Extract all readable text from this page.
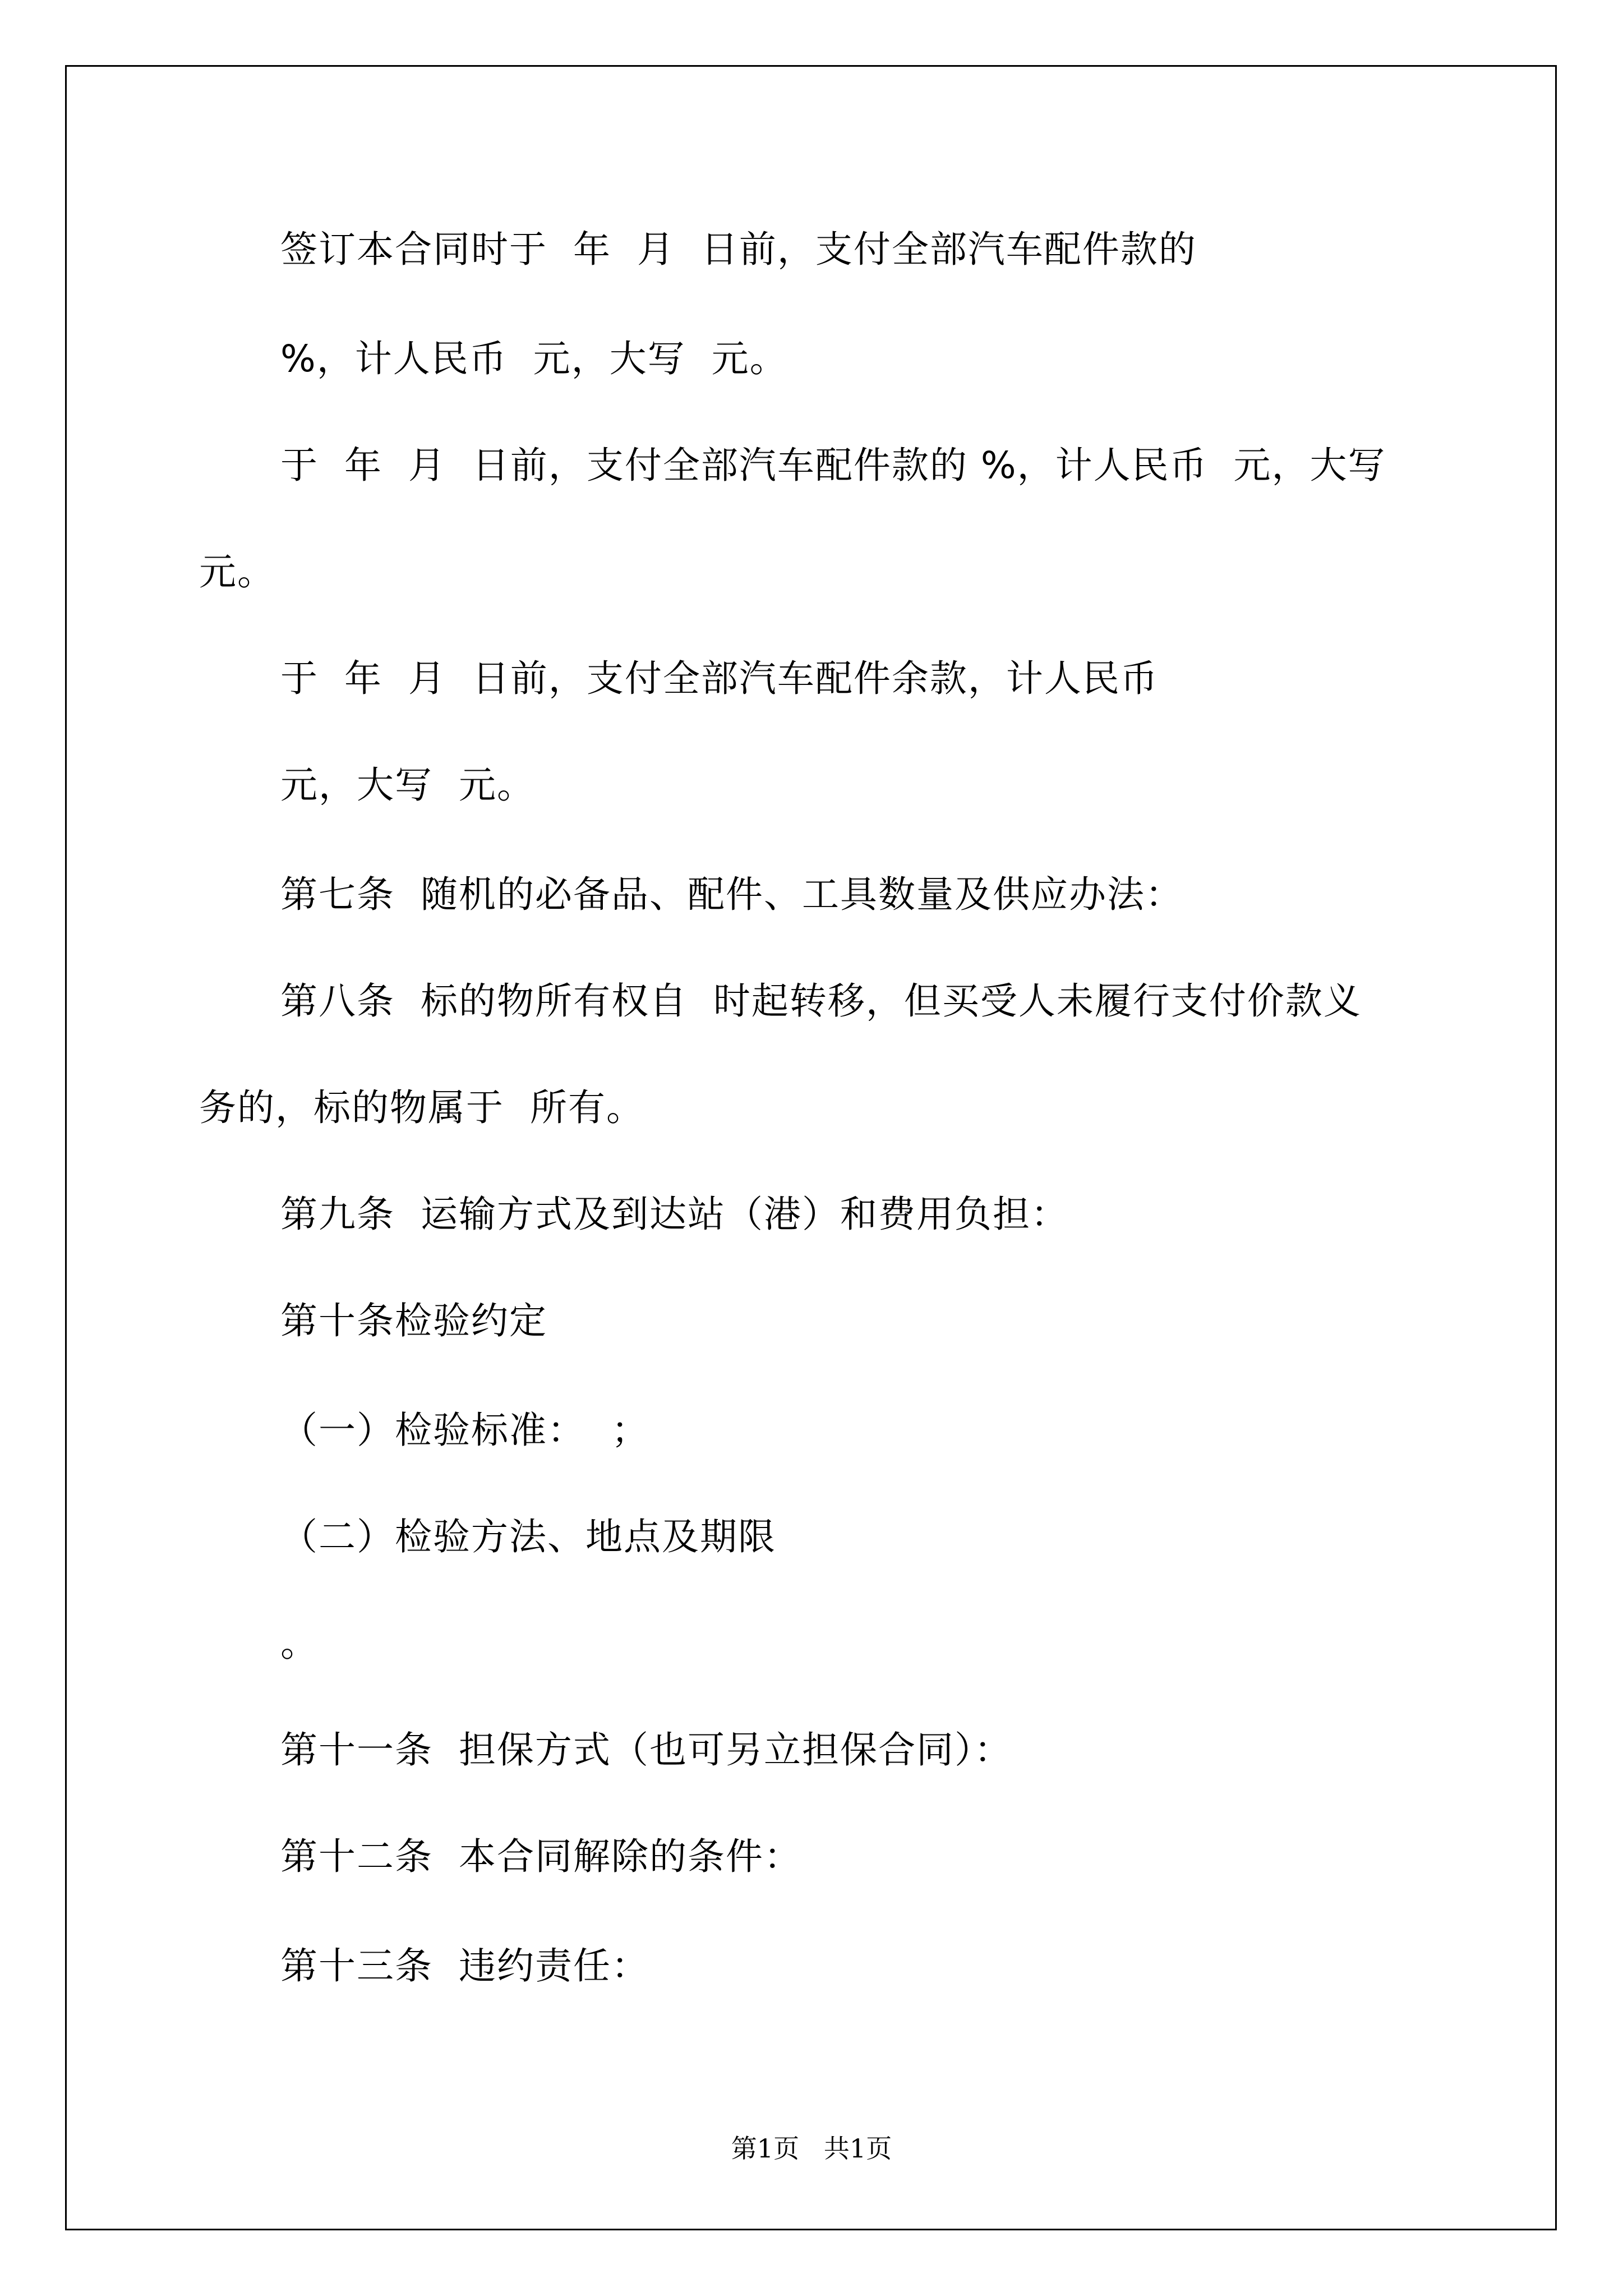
签订本合同时于  年  月  日前，支付全部汽车配件款的
%，计人民币  元，大写  元。
于  年  月  日前，支付全部汽车配件款的 %，计人民币  元，大写
元。
于  年  月  日前，支付全部汽车配件余款，计人民币
元，大写  元。
第七条  随机的必备品、配件、工具数量及供应办法：
第八条  标的物所有权自  时起转移，但买受人未履行支付价款义
务的，标的物属于  所有。
第九条  运输方式及到达站（港）和费用负担：
第十条检验约定
（一）检验标准：  ；
（二）检验方法、地点及期限
。
第十一条  担保方式（也可另立担保合同）：
第十二条  本合同解除的条件：
第十三条  违约责任：
第1页   共1页
